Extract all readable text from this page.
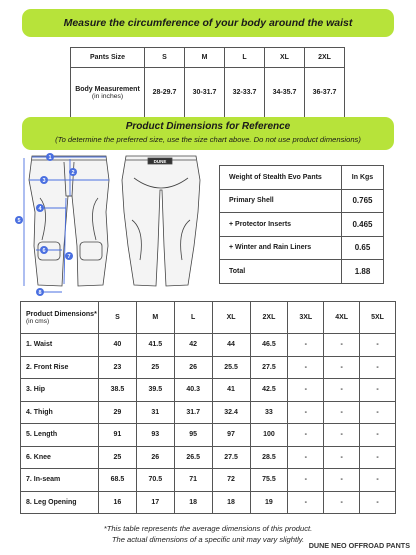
Measure the circumference of your body around the waist
Pants Size	S	M	L	XL	2XL
Body Measurement
(in inches)	28-29.7	30-31.7	32-33.7	34-35.7	36-37.7
Product Dimensions for Reference
(To determine the preferred size, use the size chart above. Do not use product dimensions)
DUNE
1
2
3
4
5
6
7
8
Weight of Stealth Evo Pants	In Kgs
Primary Shell	0.765
+ Protector Inserts	0.465
+ Winter and Rain Liners	0.65
Total	1.88
Product Dimensions*
(in cms)	S	M	L	XL	2XL	3XL	4XL	5XL
1. Waist	40	41.5	42	44	46.5	-	-	-
2. Front Rise	23	25	26	25.5	27.5	-	-	-
3. Hip	38.5	39.5	40.3	41	42.5	-	-	-
4. Thigh	29	31	31.7	32.4	33	-	-	-
5. Length	91	93	95	97	100	-	-	-
6. Knee	25	26	26.5	27.5	28.5	-	-	-
7. In-seam	68.5	70.5	71	72	75.5	-	-	-
8. Leg Opening	16	17	18	18	19	-	-	-
*This table represents the average dimensions of this product.
The actual dimensions of a specific unit may vary slightly.
DUNE NEO OFFROAD PANTS
